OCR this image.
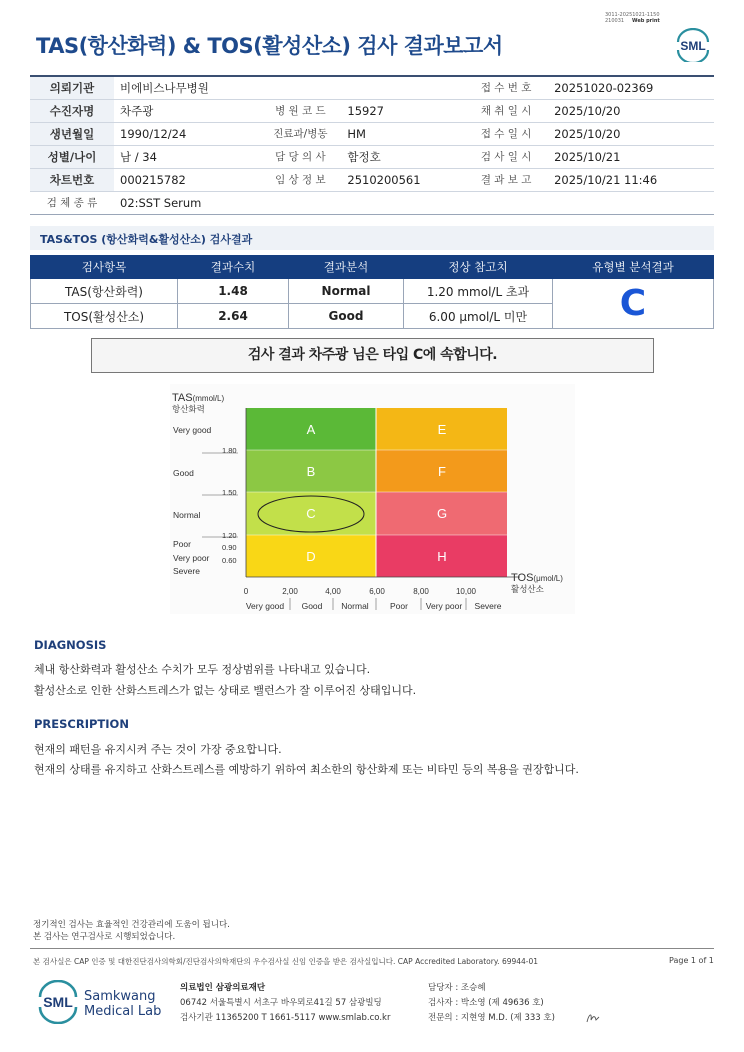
3011-20251021-1150
210031 Web print
TAS(항산화력) & TOS(활성산소) 검사 결과보고서	SML
의뢰기관	비에비스나무병원			접 수 번 호	20251020-02369
수진자명	차주광	병 원 코 드	15927	채 취 일 시	2025/10/20
생년월일	1990/12/24	진료과/병동	HM	접 수 일 시	2025/10/20
성별/나이	남 / 34	담 당 의 사	함정호	검 사 일 시	2025/10/21
차트번호	000215782	임 상 정 보	2510200561	결 과 보 고	2025/10/21 11:46
검 체 종 류	02:SST Serum				
TAS&TOS (항산화력&활성산소) 검사결과
검사항목	결과수치	결과분석	정상 참고치	유형별 분석결과
TAS(항산화력)	1.48	Normal	1.20 mmol/L 초과	C
TOS(활성산소)	2.64	Good	6.00 μmol/L 미만	
검사 결과 차주광 님은 타입 C에 속합니다.
A
B
C
D
E
F
G
H
TAS(mmol/L)
항산화력
1.80
1.50
1.20
0.90
0.60
Very good
Good
Normal
Poor
Very poor
Severe
TOS(μmol/L)
활성산소
0	2,00	4,00	6,00	8,00	10,00
Very good Good Normal	Poor Very poor Severe
DIAGNOSIS
체내 항산화력과 활성산소 수치가 모두 정상범위를 나타내고 있습니다.
활성산소로 인한 산화스트레스가 없는 상태로 밸런스가 잘 이루어진 상태입니다.
PRESCRIPTION
현재의 패턴을 유지시켜 주는 것이 가장 중요합니다.
현재의 상태를 유지하고 산화스트레스를 예방하기 위하여 최소한의 항산화제 또는 비타민 등의 복용을 권장합니다.
정기적인 검사는 효율적인 건강관리에 도움이 됩니다.
본 검사는 연구검사로 시행되었습니다.
본 검사실은 CAP 인증 및 대한진단검사의학회/진단검사의학재단의 우수검사실 신임 인증을 받은 검사실입니다. CAP Accredited Laboratory. 69944-01	Page 1 of 1
SML Samkwang
Medical Lab
의료법인 삼광의료재단
06742 서울특별시 서초구 바우뫼로41길 57 삼광빌딩
검사기관 11365200 T 1661-5117 www.smlab.co.kr
담당자 : 조승혜
검사자 : 박소영 (제 49636 호)
전문의 : 지현영 M.D. (제 333 호)
